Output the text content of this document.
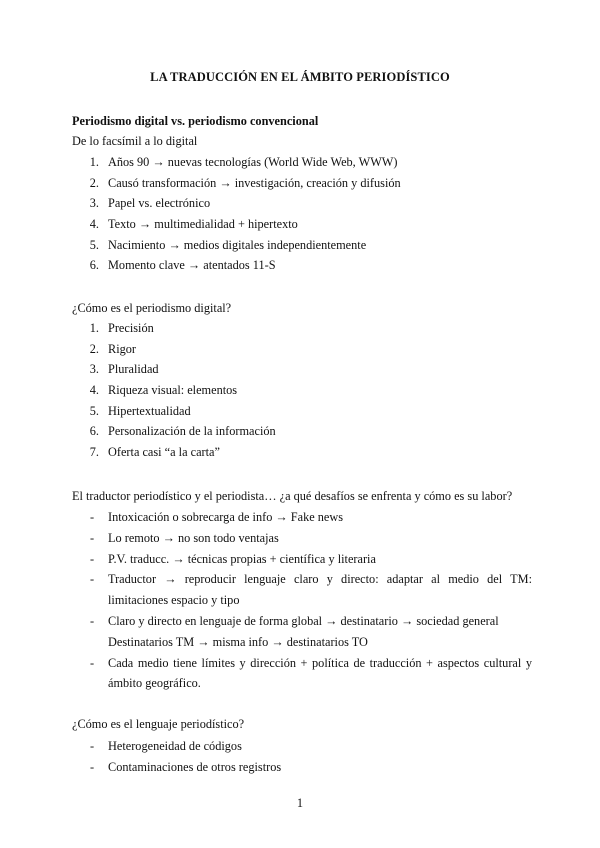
LA TRADUCCIÓN EN EL ÁMBITO PERIODÍSTICO
Periodismo digital vs. periodismo convencional
De lo facsímil a lo digital
1. Años 90 → nuevas tecnologías (World Wide Web, WWW)
2. Causó transformación → investigación, creación y difusión
3. Papel vs. electrónico
4. Texto → multimedialidad + hipertexto
5. Nacimiento → medios digitales independientemente
6. Momento clave → atentados 11-S
¿Cómo es el periodismo digital?
1. Precisión
2. Rigor
3. Pluralidad
4. Riqueza visual: elementos
5. Hipertextualidad
6. Personalización de la información
7. Oferta casi “a la carta”
El traductor periodístico y el periodista… ¿a qué desafíos se enfrenta y cómo es su labor?
- Intoxicación o sobrecarga de info → Fake news
- Lo remoto → no son todo ventajas
- P.V. traducc. → técnicas propias + científica y literaria
- Traductor → reproducir lenguaje claro y directo: adaptar al medio del TM:
limitaciones espacio y tipo
- Claro y directo en lenguaje de forma global → destinatario → sociedad general
Destinatarios TM → misma info → destinatarios TO
- Cada medio tiene límites y dirección + política de traducción + aspectos cultural y
ámbito geográfico.
¿Cómo es el lenguaje periodístico?
- Heterogeneidad de códigos
- Contaminaciones de otros registros
1
